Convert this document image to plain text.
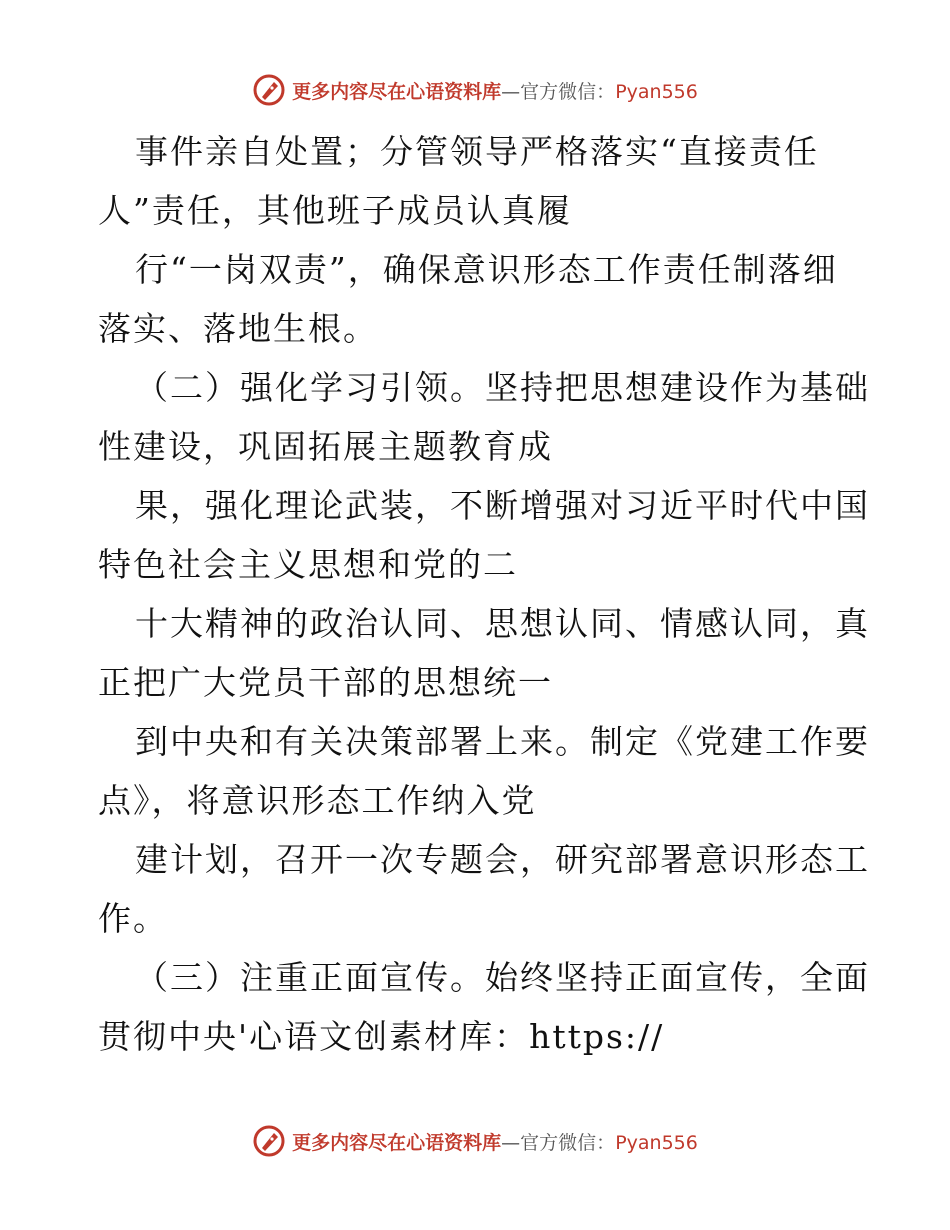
更多内容尽在心语资料库—官方微信：Pyan556
事件亲自处置；分管领导严格落实“直接责任
人”责任，其他班子成员认真履
行“一岗双责”，确保意识形态工作责任制落细
落实、落地生根。
（二）强化学习引领。坚持把思想建设作为基础
性建设，巩固拓展主题教育成
果，强化理论武装，不断增强对习近平时代中国
特色社会主义思想和党的二
十大精神的政治认同、思想认同、情感认同，真
正把广大党员干部的思想统一
到中央和有关决策部署上来。制定《党建工作要
点》，将意识形态工作纳入党
建计划，召开一次专题会，研究部署意识形态工
作。
（三）注重正面宣传。始终坚持正面宣传，全面
贯彻中央'心语文创素材库：https://
更多内容尽在心语资料库—官方微信：Pyan556
